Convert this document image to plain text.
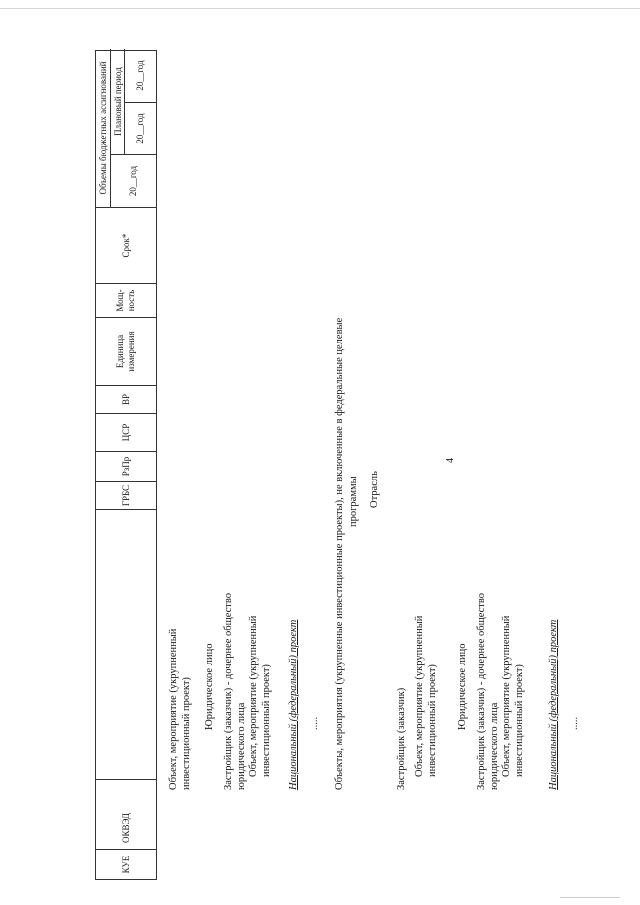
4
КУЕ
ОКВЭД
ГРБС
РзПр
ЦСР
ВР
Единица измерения
Мощ- ность
Срок*
Объемы бюджетных ассигнований	20__год
Плановый период	20__год
20__год
Объект, мероприятие (укрупненный инвестиционный проект) Юридическое лицо Застройщик (заказчик) - дочернее общество юридического лица Объект, мероприятие (укрупненный инвестиционный проект) Национальный (федеральный) проект ..... Объекты, мероприятия (укрупненные инвестиционные проекты), не включенные в федеральные целевые программы Отрасль
Застройщик (заказчик) Объект, мероприятие (укрупненный инвестиционный проект) Юридическое лицо Застройщик (заказчик) - дочернее общество юридического лица Объект, мероприятие (укрупненный инвестиционный проект) Национальный (федеральный) проект .....
